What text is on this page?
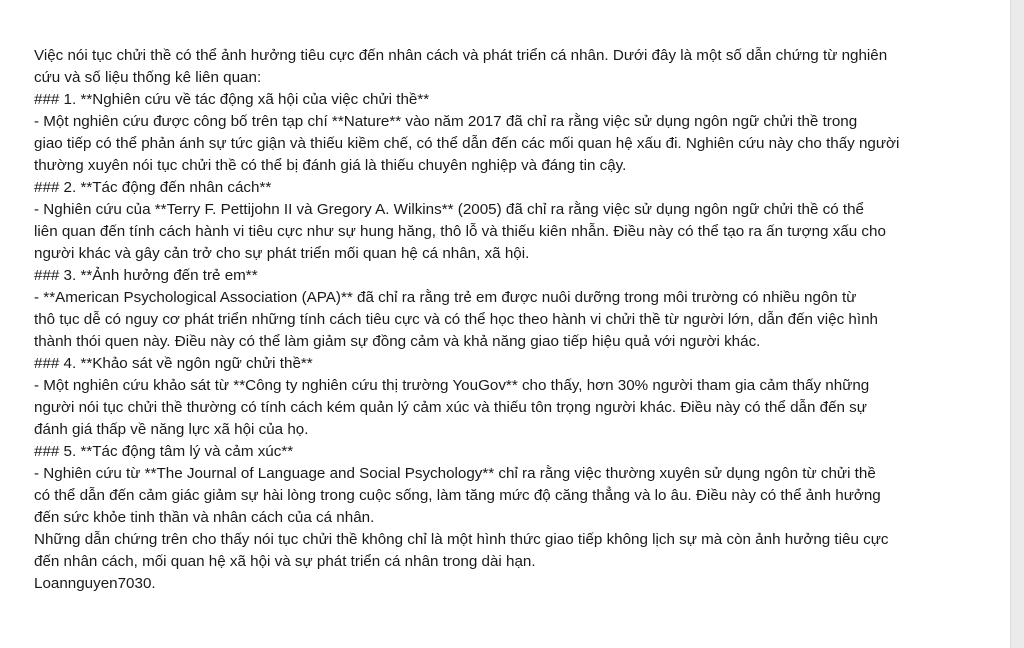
Việc nói tục chửi thề có thể ảnh hưởng tiêu cực đến nhân cách và phát triển cá nhân. Dưới đây là một số dẫn chứng từ nghiên
cứu và số liệu thống kê liên quan:
### 1. **Nghiên cứu về tác động xã hội của việc chửi thề**
- Một nghiên cứu được công bố trên tạp chí **Nature** vào năm 2017 đã chỉ ra rằng việc sử dụng ngôn ngữ chửi thề trong
giao tiếp có thể phản ánh sự tức giận và thiếu kiềm chế, có thể dẫn đến các mối quan hệ xấu đi. Nghiên cứu này cho thấy người
thường xuyên nói tục chửi thề có thể bị đánh giá là thiếu chuyên nghiệp và đáng tin cậy.
### 2. **Tác động đến nhân cách**
- Nghiên cứu của **Terry F. Pettijohn II và Gregory A. Wilkins** (2005) đã chỉ ra rằng việc sử dụng ngôn ngữ chửi thề có thể
liên quan đến tính cách hành vi tiêu cực như sự hung hăng, thô lỗ và thiếu kiên nhẫn. Điều này có thể tạo ra ấn tượng xấu cho
người khác và gây cản trở cho sự phát triển mối quan hệ cá nhân, xã hội.
### 3. **Ảnh hưởng đến trẻ em**
- **American Psychological Association (APA)** đã chỉ ra rằng trẻ em được nuôi dưỡng trong môi trường có nhiều ngôn từ
thô tục dễ có nguy cơ phát triển những tính cách tiêu cực và có thể học theo hành vi chửi thề từ người lớn, dẫn đến việc hình
thành thói quen này. Điều này có thể làm giảm sự đồng cảm và khả năng giao tiếp hiệu quả với người khác.
### 4. **Khảo sát về ngôn ngữ chửi thề**
- Một nghiên cứu khảo sát từ **Công ty nghiên cứu thị trường YouGov** cho thấy, hơn 30% người tham gia cảm thấy những
người nói tục chửi thề thường có tính cách kém quản lý cảm xúc và thiếu tôn trọng người khác. Điều này có thể dẫn đến sự
đánh giá thấp về năng lực xã hội của họ.
### 5. **Tác động tâm lý và cảm xúc**
- Nghiên cứu từ **The Journal of Language and Social Psychology** chỉ ra rằng việc thường xuyên sử dụng ngôn từ chửi thề
có thể dẫn đến cảm giác giảm sự hài lòng trong cuộc sống, làm tăng mức độ căng thẳng và lo âu. Điều này có thể ảnh hưởng
đến sức khỏe tinh thần và nhân cách của cá nhân.
Những dẫn chứng trên cho thấy nói tục chửi thề không chỉ là một hình thức giao tiếp không lịch sự mà còn ảnh hưởng tiêu cực
đến nhân cách, mối quan hệ xã hội và sự phát triển cá nhân trong dài hạn.
Loannguyen7030.
